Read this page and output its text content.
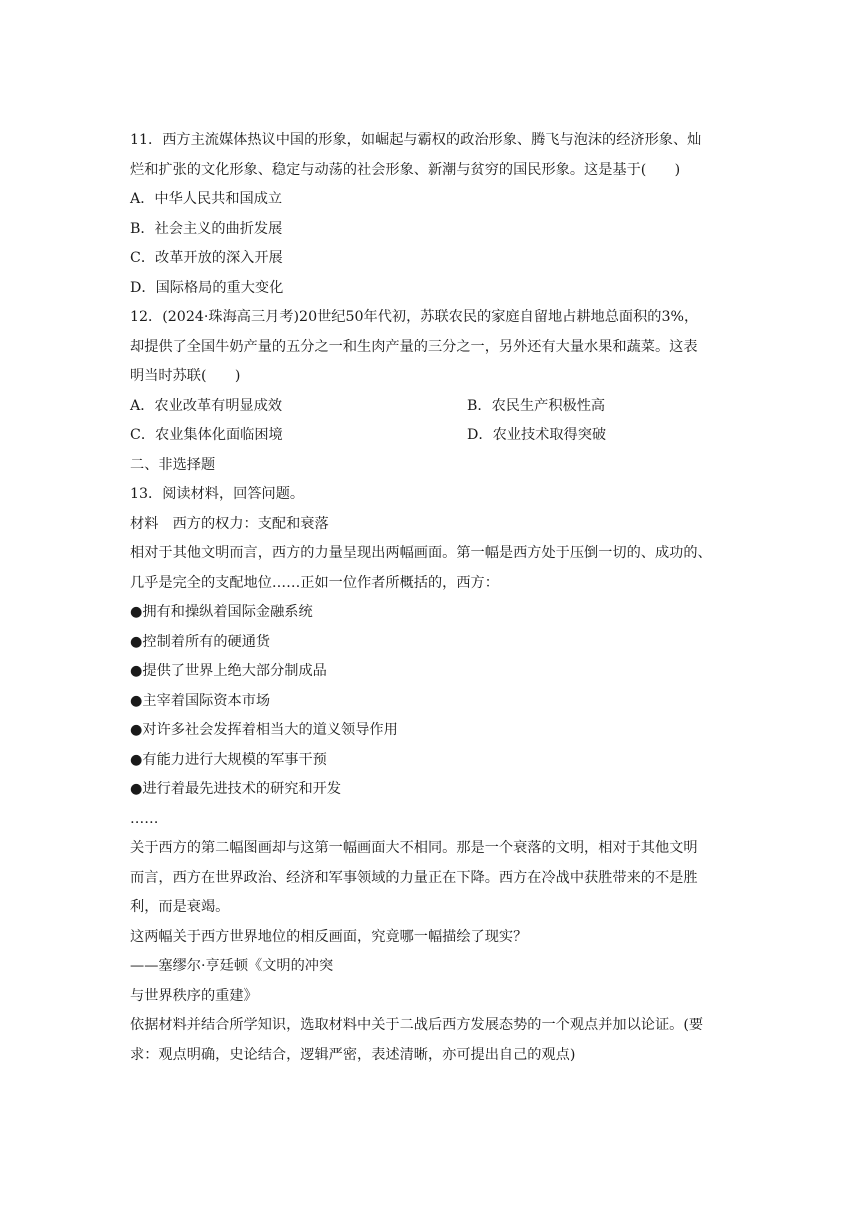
11．西方主流媒体热议中国的形象，如崛起与霸权的政治形象、腾飞与泡沫的经济形象、灿
烂和扩张的文化形象、稳定与动荡的社会形象、新潮与贫穷的国民形象。这是基于(　　)
A．中华人民共和国成立
B．社会主义的曲折发展
C．改革开放的深入开展
D．国际格局的重大变化
12．(2024·珠海高三月考)20世纪50年代初，苏联农民的家庭自留地占耕地总面积的3%，
却提供了全国牛奶产量的五分之一和生肉产量的三分之一，另外还有大量水果和蔬菜。这表
明当时苏联(　　)
A．农业改革有明显成效	B．农民生产积极性高
C．农业集体化面临困境	D．农业技术取得突破
二、非选择题
13．阅读材料，回答问题。
材料　西方的权力：支配和衰落
相对于其他文明而言，西方的力量呈现出两幅画面。第一幅是西方处于压倒一切的、成功的、
几乎是完全的支配地位……正如一位作者所概括的，西方：
●拥有和操纵着国际金融系统
●控制着所有的硬通货
●提供了世界上绝大部分制成品
●主宰着国际资本市场
●对许多社会发挥着相当大的道义领导作用
●有能力进行大规模的军事干预
●进行着最先进技术的研究和开发
……
关于西方的第二幅图画却与这第一幅画面大不相同。那是一个衰落的文明，相对于其他文明
而言，西方在世界政治、经济和军事领域的力量正在下降。西方在冷战中获胜带来的不是胜
利，而是衰竭。
这两幅关于西方世界地位的相反画面，究竟哪一幅描绘了现实？
——塞缪尔·亨廷顿《文明的冲突
与世界秩序的重建》
依据材料并结合所学知识，选取材料中关于二战后西方发展态势的一个观点并加以论证。(要
求：观点明确，史论结合，逻辑严密，表述清晰，亦可提出自己的观点)
